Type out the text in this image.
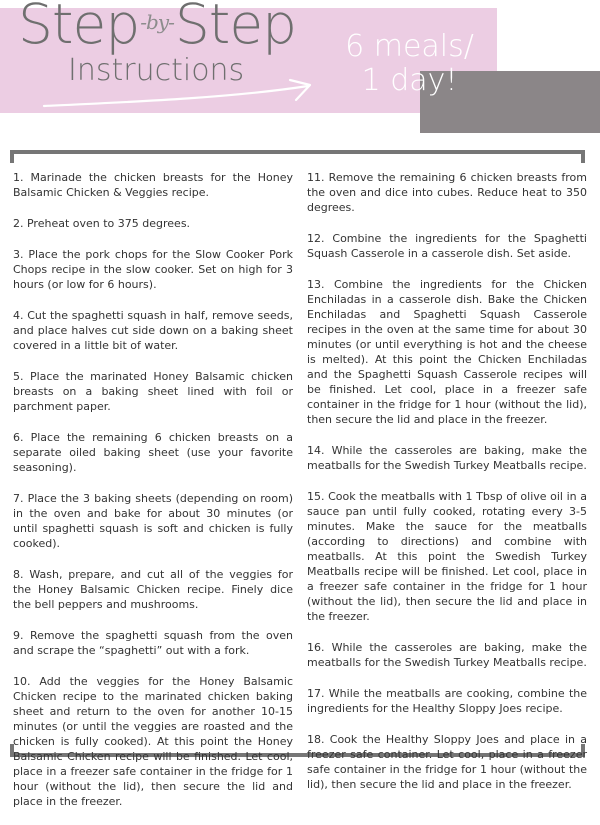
Step-by-Step
Instructions

6 meals/
1 day!

1. Marinade the chicken breasts for the Honey Balsamic Chicken & Veggies recipe.

2. Preheat oven to 375 degrees.

3. Place the pork chops for the Slow Cooker Pork Chops recipe in the slow cooker. Set on high for 3 hours (or low for 6 hours).

4. Cut the spaghetti squash in half, remove seeds, and place halves cut side down on a baking sheet covered in a little bit of water.

5. Place the marinated Honey Balsamic chicken breasts on a baking sheet lined with foil or parchment paper.

6. Place the remaining 6 chicken breasts on a separate oiled baking sheet (use your favorite seasoning).

7. Place the 3 baking sheets (depending on room) in the oven and bake for about 30 minutes (or until spaghetti squash is soft and chicken is fully cooked).

8. Wash, prepare, and cut all of the veggies for the Honey Balsamic Chicken recipe. Finely dice the bell peppers and mushrooms.

9. Remove the spaghetti squash from the oven and scrape the “spaghetti” out with a fork.

10. Add the veggies for the Honey Balsamic Chicken recipe to the marinated chicken baking sheet and return to the oven for another 10-15 minutes (or until the veggies are roasted and the chicken is fully cooked). At this point the Honey Balsamic Chicken recipe will be finished. Let cool, place in a freezer safe container in the fridge for 1 hour (without the lid), then secure the lid and place in the freezer.

11. Remove the remaining 6 chicken breasts from the oven and dice into cubes. Reduce heat to 350 degrees.

12. Combine the ingredients for the Spaghetti Squash Casserole in a casserole dish. Set aside.

13. Combine the ingredients for the Chicken Enchiladas in a casserole dish. Bake the Chicken Enchiladas and Spaghetti Squash Casserole recipes in the oven at the same time for about 30 minutes (or until everything is hot and the cheese is melted). At this point the Chicken Enchiladas and the Spaghetti Squash Casserole recipes will be finished. Let cool, place in a freezer safe container in the fridge for 1 hour (without the lid), then secure the lid and place in the freezer.

14. While the casseroles are baking, make the meatballs for the Swedish Turkey Meatballs recipe.

15. Cook the meatballs with 1 Tbsp of olive oil in a sauce pan until fully cooked, rotating every 3-5 minutes. Make the sauce for the meatballs (according to directions) and combine with meatballs. At this point the Swedish Turkey Meatballs recipe will be finished. Let cool, place in a freezer safe container in the fridge for 1 hour (without the lid), then secure the lid and place in the freezer.

16. While the casseroles are baking, make the meatballs for the Swedish Turkey Meatballs recipe.

17. While the meatballs are cooking, combine the ingredients for the Healthy Sloppy Joes recipe.

18. Cook the Healthy Sloppy Joes and place in a freezer safe container. Let cool, place in a freezer safe container in the fridge for 1 hour (without the lid), then secure the lid and place in the freezer.
